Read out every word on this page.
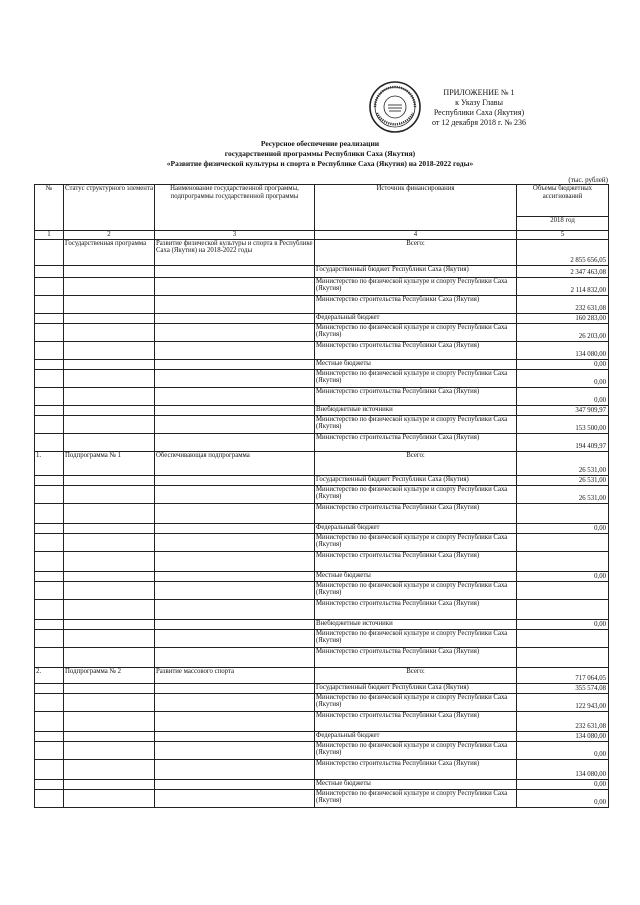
ПРИЛОЖЕНИЕ № 1
к Указу Главы
Республики Саха (Якутия)
от 12 декабря 2018 г. № 236
Ресурсное обеспечение реализации
государственной программы Республики Саха (Якутия)
«Развитие физической культуры и спорта в Республике Саха (Якутия) на 2018-2022 годы»
(тыс. рублей)
№	Статус структурного элемента	Наименование государственной программы, подпрограммы государственной программы	Источник финансирования	Объемы бюджетных ассигнований
				2018 год
1	2	3	4	5
	Государственная программа	Развитие физической культуры и спорта в Республике Саха (Якутия) на 2018-2022 годы	Всего:	2 855 656,05
			Государственный бюджет Республики Саха (Якутия)	2 347 463,08
			Министерство по физической культуре и спорту Республики Саха (Якутия)	2 114 832,00
			Министерство строительства Республики Саха (Якутия)	232 631,08
			Федеральный бюджет	160 283,00
			Министерство по физической культуре и спорту Республики Саха (Якутия)	26 203,00
			Министерство строительства Республики Саха (Якутия)	134 080,00
			Местные бюджеты	0,00
			Министерство по физической культуре и спорту Республики Саха (Якутия)	0,00
			Министерство строительства Республики Саха (Якутия)	0,00
			Внебюджетные источники	347 909,97
			Министерство по физической культуре и спорту Республики Саха (Якутия)	153 500,00
			Министерство строительства Республики Саха (Якутия)	194 409,97
1.	Подпрограмма № 1	Обеспечивающая подпрограмма	Всего:	26 531,00
			Государственный бюджет Республики Саха (Якутия)	26 531,00
			Министерство по физической культуре и спорту Республики Саха (Якутия)	26 531,00
			Министерство строительства Республики Саха (Якутия)	
			Федеральный бюджет	0,00
			Министерство по физической культуре и спорту Республики Саха (Якутия)	
			Министерство строительства Республики Саха (Якутия)	
			Местные бюджеты	0,00
			Министерство по физической культуре и спорту Республики Саха (Якутия)	
			Министерство строительства Республики Саха (Якутия)	
			Внебюджетные источники	0,00
			Министерство по физической культуре и спорту Республики Саха (Якутия)	
			Министерство строительства Республики Саха (Якутия)	
2.	Подпрограмма № 2	Развитие массового спорта	Всего:	717 064,05
			Государственный бюджет Республики Саха (Якутия)	355 574,08
			Министерство по физической культуре и спорту Республики Саха (Якутия)	122 943,00
			Министерство строительства Республики Саха (Якутия)	232 631,08
			Федеральный бюджет	134 080,00
			Министерство по физической культуре и спорту Республики Саха (Якутия)	0,00
			Министерство строительства Республики Саха (Якутия)	134 080,00
			Местные бюджеты	0,00
			Министерство по физической культуре и спорту Республики Саха (Якутия)	0,00
